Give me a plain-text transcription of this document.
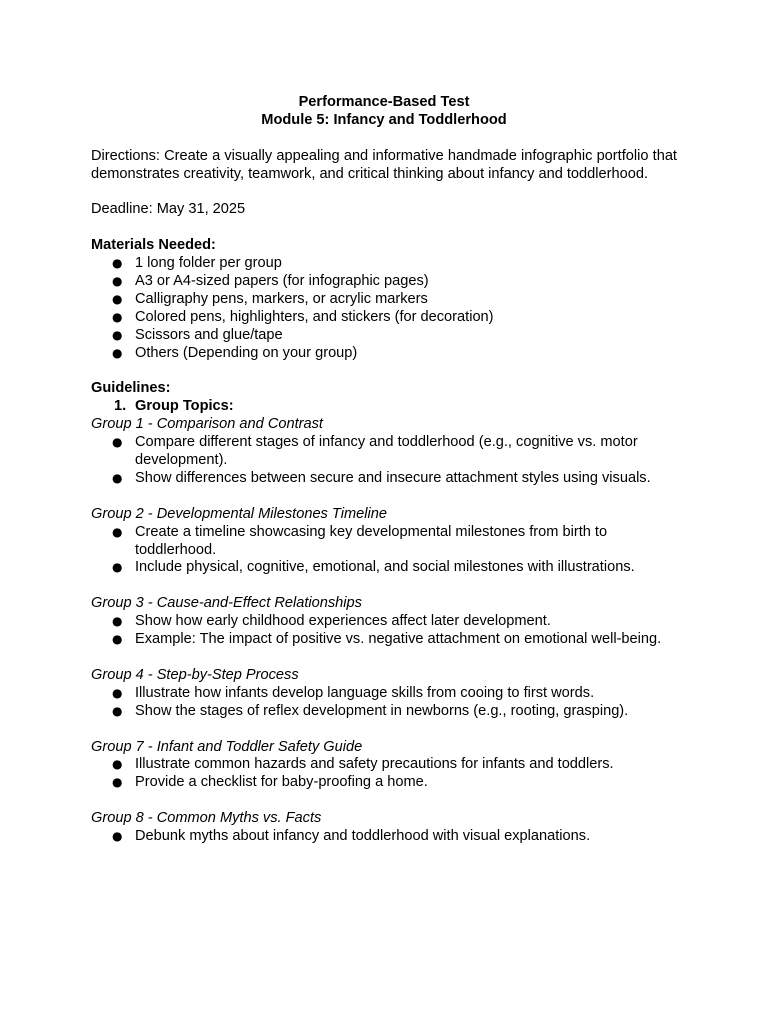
Performance-Based Test
Module 5: Infancy and Toddlerhood

Directions: Create a visually appealing and informative handmade infographic portfolio that demonstrates creativity, teamwork, and critical thinking about infancy and toddlerhood.

Deadline: May 31, 2025

Materials Needed:
● 1 long folder per group
● A3 or A4-sized papers (for infographic pages)
● Calligraphy pens, markers, or acrylic markers
● Colored pens, highlighters, and stickers (for decoration)
● Scissors and glue/tape
● Others (Depending on your group)
Guidelines:
1. Group Topics:
Group 1 - Comparison and Contrast
● Compare different stages of infancy and toddlerhood (e.g., cognitive vs. motor development).
● Show differences between secure and insecure attachment styles using visuals.
Group 2 - Developmental Milestones Timeline
● Create a timeline showcasing key developmental milestones from birth to toddlerhood.
● Include physical, cognitive, emotional, and social milestones with illustrations.
Group 3 - Cause-and-Effect Relationships
● Show how early childhood experiences affect later development.
● Example: The impact of positive vs. negative attachment on emotional well-being.
Group 4 - Step-by-Step Process
● Illustrate how infants develop language skills from cooing to first words.
● Show the stages of reflex development in newborns (e.g., rooting, grasping).
Group 7 - Infant and Toddler Safety Guide
● Illustrate common hazards and safety precautions for infants and toddlers.
● Provide a checklist for baby-proofing a home.
Group 8 - Common Myths vs. Facts
● Debunk myths about infancy and toddlerhood with visual explanations.
